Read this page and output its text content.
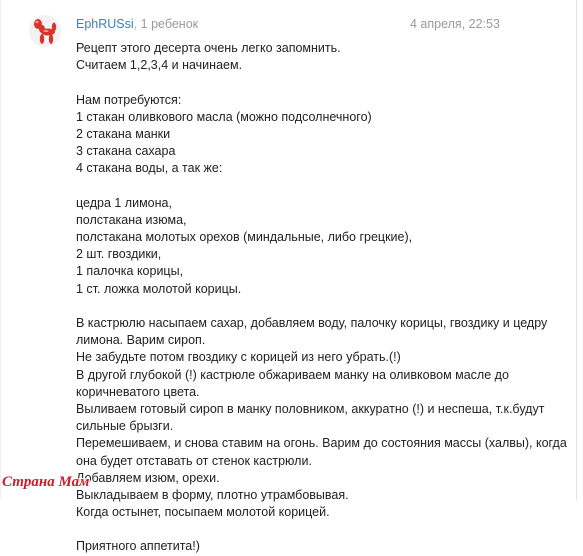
EphRUSsi, 1 ребенок	4 апреля, 22:53
Рецепт этого десерта очень легко запомнить.
Считаем 1,2,3,4 и начинаем.
Нам потребуются:
1 стакан оливкового масла (можно подсолнечного)
2 стакана манки
3 стакана сахара
4 стакана воды, а так же:
цедра 1 лимона,
полстакана изюма,
полстакана молотых орехов (миндальные, либо грецкие),
2 шт. гвоздики,
1 палочка корицы,
1 ст. ложка молотой корицы.
В кастрюлю насыпаем сахар, добавляем воду, палочку корицы, гвоздику и цедру
лимона. Варим сироп.
Не забудьте потом гвоздику с корицей из него убрать.(!)
В другой глубокой (!) кастрюле обжариваем манку на оливковом масле до
коричневатого цвета.
Выливаем готовый сироп в манку половником, аккуратно (!) и неспеша, т.к.будут
сильные брызги.
Перемешиваем, и снова ставим на огонь. Варим до состояния массы (халвы), когда
она будет отставать от стенок кастрюли.
Добавляем изюм, орехи.
Выкладываем в форму, плотно утрамбовывая.
Когда остынет, посыпаем молотой корицей.
Приятного аппетита!)
Страна Мам
